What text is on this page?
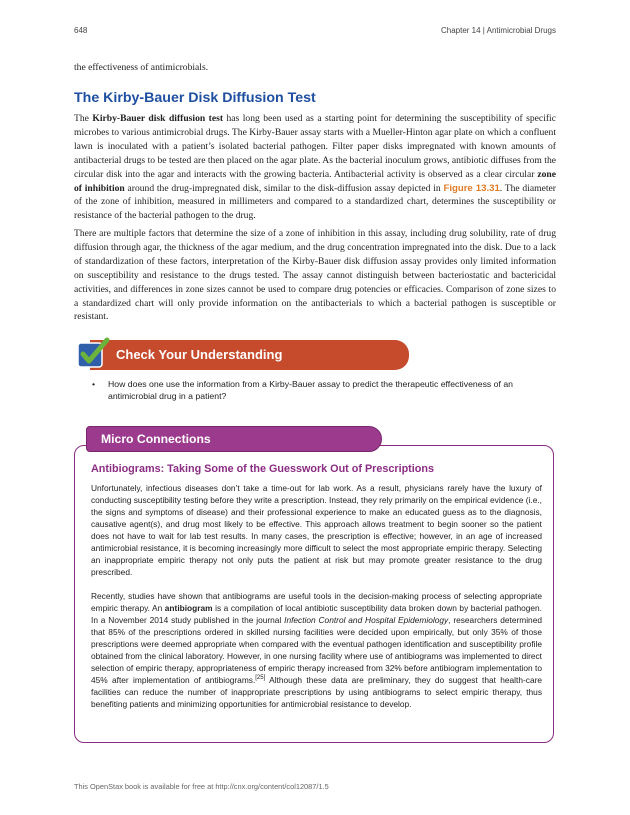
648	Chapter 14 | Antimicrobial Drugs
the effectiveness of antimicrobials.
The Kirby-Bauer Disk Diffusion Test

The Kirby-Bauer disk diffusion test has long been used as a starting point for determining the susceptibility of specific microbes to various antimicrobial drugs. The Kirby-Bauer assay starts with a Mueller-Hinton agar plate on which a confluent lawn is inoculated with a patient’s isolated bacterial pathogen. Filter paper disks impregnated with known amounts of antibacterial drugs to be tested are then placed on the agar plate. As the bacterial inoculum grows, antibiotic diffuses from the circular disk into the agar and interacts with the growing bacteria. Antibacterial activity is observed as a clear circular zone of inhibition around the drug-impregnated disk, similar to the disk-diffusion assay depicted in Figure 13.31. The diameter of the zone of inhibition, measured in millimeters and compared to a standardized chart, determines the susceptibility or resistance of the bacterial pathogen to the drug.

There are multiple factors that determine the size of a zone of inhibition in this assay, including drug solubility, rate of drug diffusion through agar, the thickness of the agar medium, and the drug concentration impregnated into the disk. Due to a lack of standardization of these factors, interpretation of the Kirby-Bauer disk diffusion assay provides only limited information on susceptibility and resistance to the drugs tested. The assay cannot distinguish between bacteriostatic and bactericidal activities, and differences in zone sizes cannot be used to compare drug potencies or efficacies. Comparison of zone sizes to a standardized chart will only provide information on the antibacterials to which a bacterial pathogen is susceptible or resistant.

Check Your Understanding
• How does one use the information from a Kirby-Bauer assay to predict the therapeutic effectiveness of an antimicrobial drug in a patient?
Micro Connections
Antibiograms: Taking Some of the Guesswork Out of Prescriptions

Unfortunately, infectious diseases don’t take a time-out for lab work. As a result, physicians rarely have the luxury of conducting susceptibility testing before they write a prescription. Instead, they rely primarily on the empirical evidence (i.e., the signs and symptoms of disease) and their professional experience to make an educated guess as to the diagnosis, causative agent(s), and drug most likely to be effective. This approach allows treatment to begin sooner so the patient does not have to wait for lab test results. In many cases, the prescription is effective; however, in an age of increased antimicrobial resistance, it is becoming increasingly more difficult to select the most appropriate empiric therapy. Selecting an inappropriate empiric therapy not only puts the patient at risk but may promote greater resistance to the drug prescribed.

Recently, studies have shown that antibiograms are useful tools in the decision-making process of selecting appropriate empiric therapy. An antibiogram is a compilation of local antibiotic susceptibility data broken down by bacterial pathogen. In a November 2014 study published in the journal Infection Control and Hospital Epidemiology, researchers determined that 85% of the prescriptions ordered in skilled nursing facilities were decided upon empirically, but only 35% of those prescriptions were deemed appropriate when compared with the eventual pathogen identification and susceptibility profile obtained from the clinical laboratory. However, in one nursing facility where use of antibiograms was implemented to direct selection of empiric therapy, appropriateness of empiric therapy increased from 32% before antibiogram implementation to 45% after implementation of antibiograms.[25] Although these data are preliminary, they do suggest that health-care facilities can reduce the number of inappropriate prescriptions by using antibiograms to select empiric therapy, thus benefiting patients and minimizing opportunities for antimicrobial resistance to develop.

This OpenStax book is available for free at http://cnx.org/content/col12087/1.5
